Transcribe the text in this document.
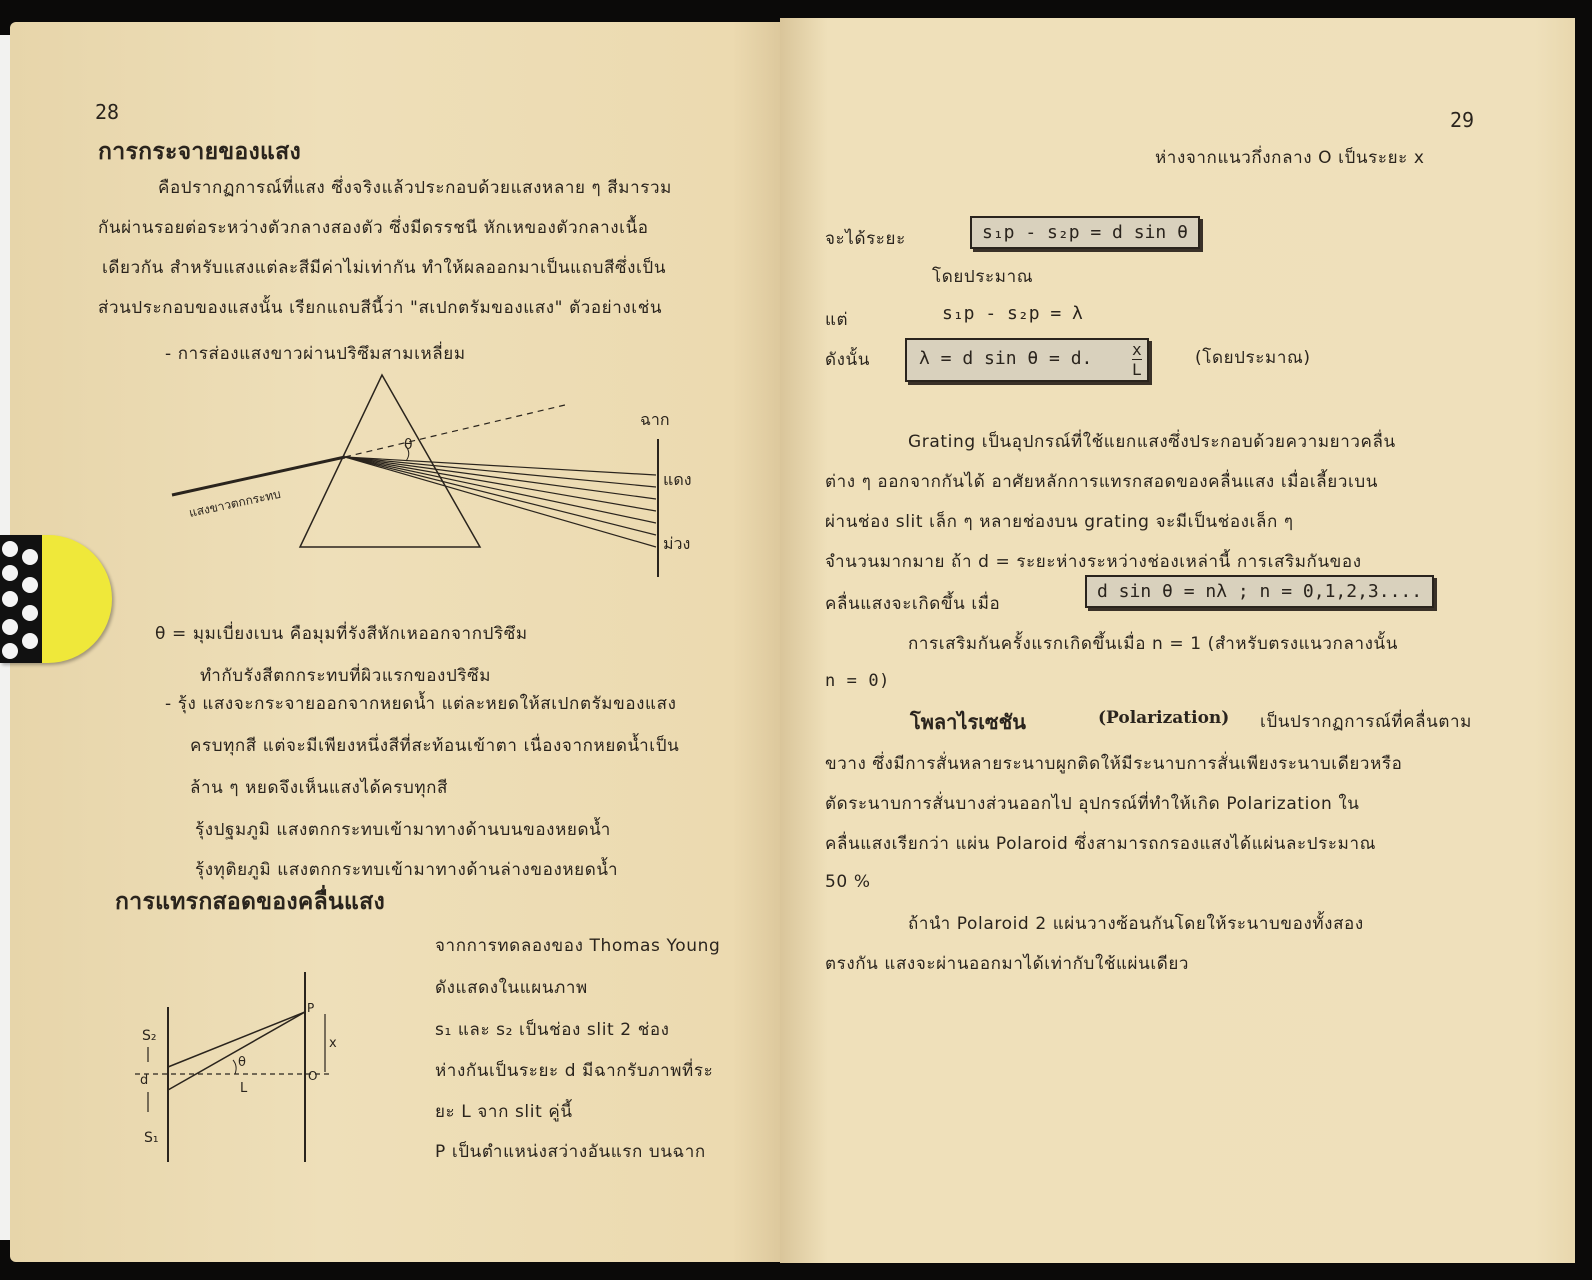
28
การกระจายของแสง
คือปรากฏการณ์ที่แสง ซึ่งจริงแล้วประกอบด้วยแสงหลาย ๆ สีมารวม
กันผ่านรอยต่อระหว่างตัวกลางสองตัว ซึ่งมีดรรชนี หักเหของตัวกลางเนื้อ
เดียวกัน สำหรับแสงแต่ละสีมีค่าไม่เท่ากัน ทำให้ผลออกมาเป็นแถบสีซึ่งเป็น
ส่วนประกอบของแสงนั้น เรียกแถบสีนี้ว่า "สเปกตรัมของแสง" ตัวอย่างเช่น
- การส่องแสงขาวผ่านปริซึมสามเหลี่ยม
θ
ฉาก
แดง
ม่วง
แสงขาวตกกระทบ
θ = มุมเบี่ยงเบน คือมุมที่รังสีหักเหออกจากปริซึม
ทำกับรังสีตกกระทบที่ผิวแรกของปริซึม
- รุ้ง แสงจะกระจายออกจากหยดน้ำ แต่ละหยดให้สเปกตรัมของแสง
ครบทุกสี แต่จะมีเพียงหนึ่งสีที่สะท้อนเข้าตา เนื่องจากหยดน้ำเป็น
ล้าน ๆ หยดจึงเห็นแสงได้ครบทุกสี
รุ้งปฐมภูมิ แสงตกกระทบเข้ามาทางด้านบนของหยดน้ำ
รุ้งทุติยภูมิ แสงตกกระทบเข้ามาทางด้านล่างของหยดน้ำ
การแทรกสอดของคลื่นแสง
S₂
S₁
d
L
θ
P
x
O
จากการทดลองของ Thomas Young
ดังแสดงในแผนภาพ
s₁ และ s₂ เป็นช่อง slit 2 ช่อง
ห่างกันเป็นระยะ d มีฉากรับภาพที่ระ
ยะ L จาก slit คู่นี้
P เป็นตำแหน่งสว่างอันแรก บนฉาก
29
ห่างจากแนวกึ่งกลาง O เป็นระยะ x
จะได้ระยะ	s₁p - s₂p = d sin θ
โดยประมาณ
แต่	s₁p - s₂p = λ
ดังนั้น	λ = d sin θ = d. x
L
(โดยประมาณ)
Grating เป็นอุปกรณ์ที่ใช้แยกแสงซึ่งประกอบด้วยความยาวคลื่น
ต่าง ๆ ออกจากกันได้ อาศัยหลักการแทรกสอดของคลื่นแสง เมื่อเลี้ยวเบน
ผ่านช่อง slit เล็ก ๆ หลายช่องบน grating จะมีเป็นช่องเล็ก ๆ
จำนวนมากมาย ถ้า d = ระยะห่างระหว่างช่องเหล่านี้ การเสริมกันของ
คลื่นแสงจะเกิดขึ้น เมื่อ
d sin θ = nλ ; n = 0,1,2,3....
การเสริมกันครั้งแรกเกิดขึ้นเมื่อ n = 1 (สำหรับตรงแนวกลางนั้น
n = 0)
โพลาไรเซชัน	(Polarization) เป็นปรากฏการณ์ที่คลื่นตาม
ขวาง ซึ่งมีการสั่นหลายระนาบผูกติดให้มีระนาบการสั่นเพียงระนาบเดียวหรือ
ตัดระนาบการสั่นบางส่วนออกไป อุปกรณ์ที่ทำให้เกิด Polarization ใน
คลื่นแสงเรียกว่า แผ่น Polaroid ซึ่งสามารถกรองแสงได้แผ่นละประมาณ
50 %
ถ้านำ Polaroid 2 แผ่นวางซ้อนกันโดยให้ระนาบของทั้งสอง
ตรงกัน แสงจะผ่านออกมาได้เท่ากับใช้แผ่นเดียว
